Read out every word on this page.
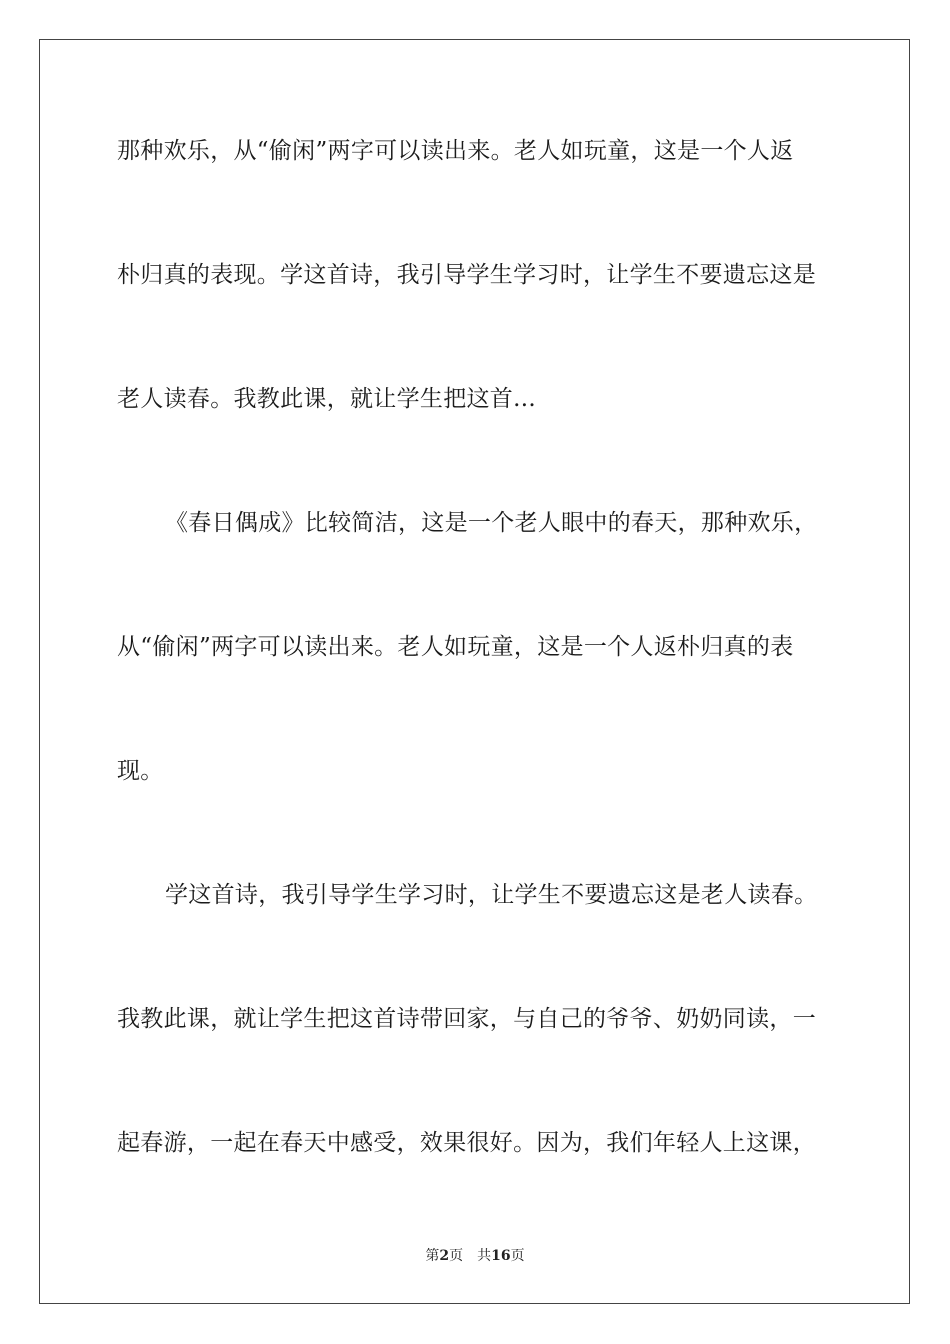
那种欢乐，从“偷闲”两字可以读出来。老人如玩童，这是一个人返
朴归真的表现。学这首诗，我引导学生学习时，让学生不要遗忘这是
老人读春。我教此课，就让学生把这首...
《春日偶成》比较简洁，这是一个老人眼中的春天，那种欢乐，
从“偷闲”两字可以读出来。老人如玩童，这是一个人返朴归真的表
现。
学这首诗，我引导学生学习时，让学生不要遗忘这是老人读春。
我教此课，就让学生把这首诗带回家，与自己的爷爷、奶奶同读，一
起春游，一起在春天中感受，效果很好。因为，我们年轻人上这课，
第2页 共16页
